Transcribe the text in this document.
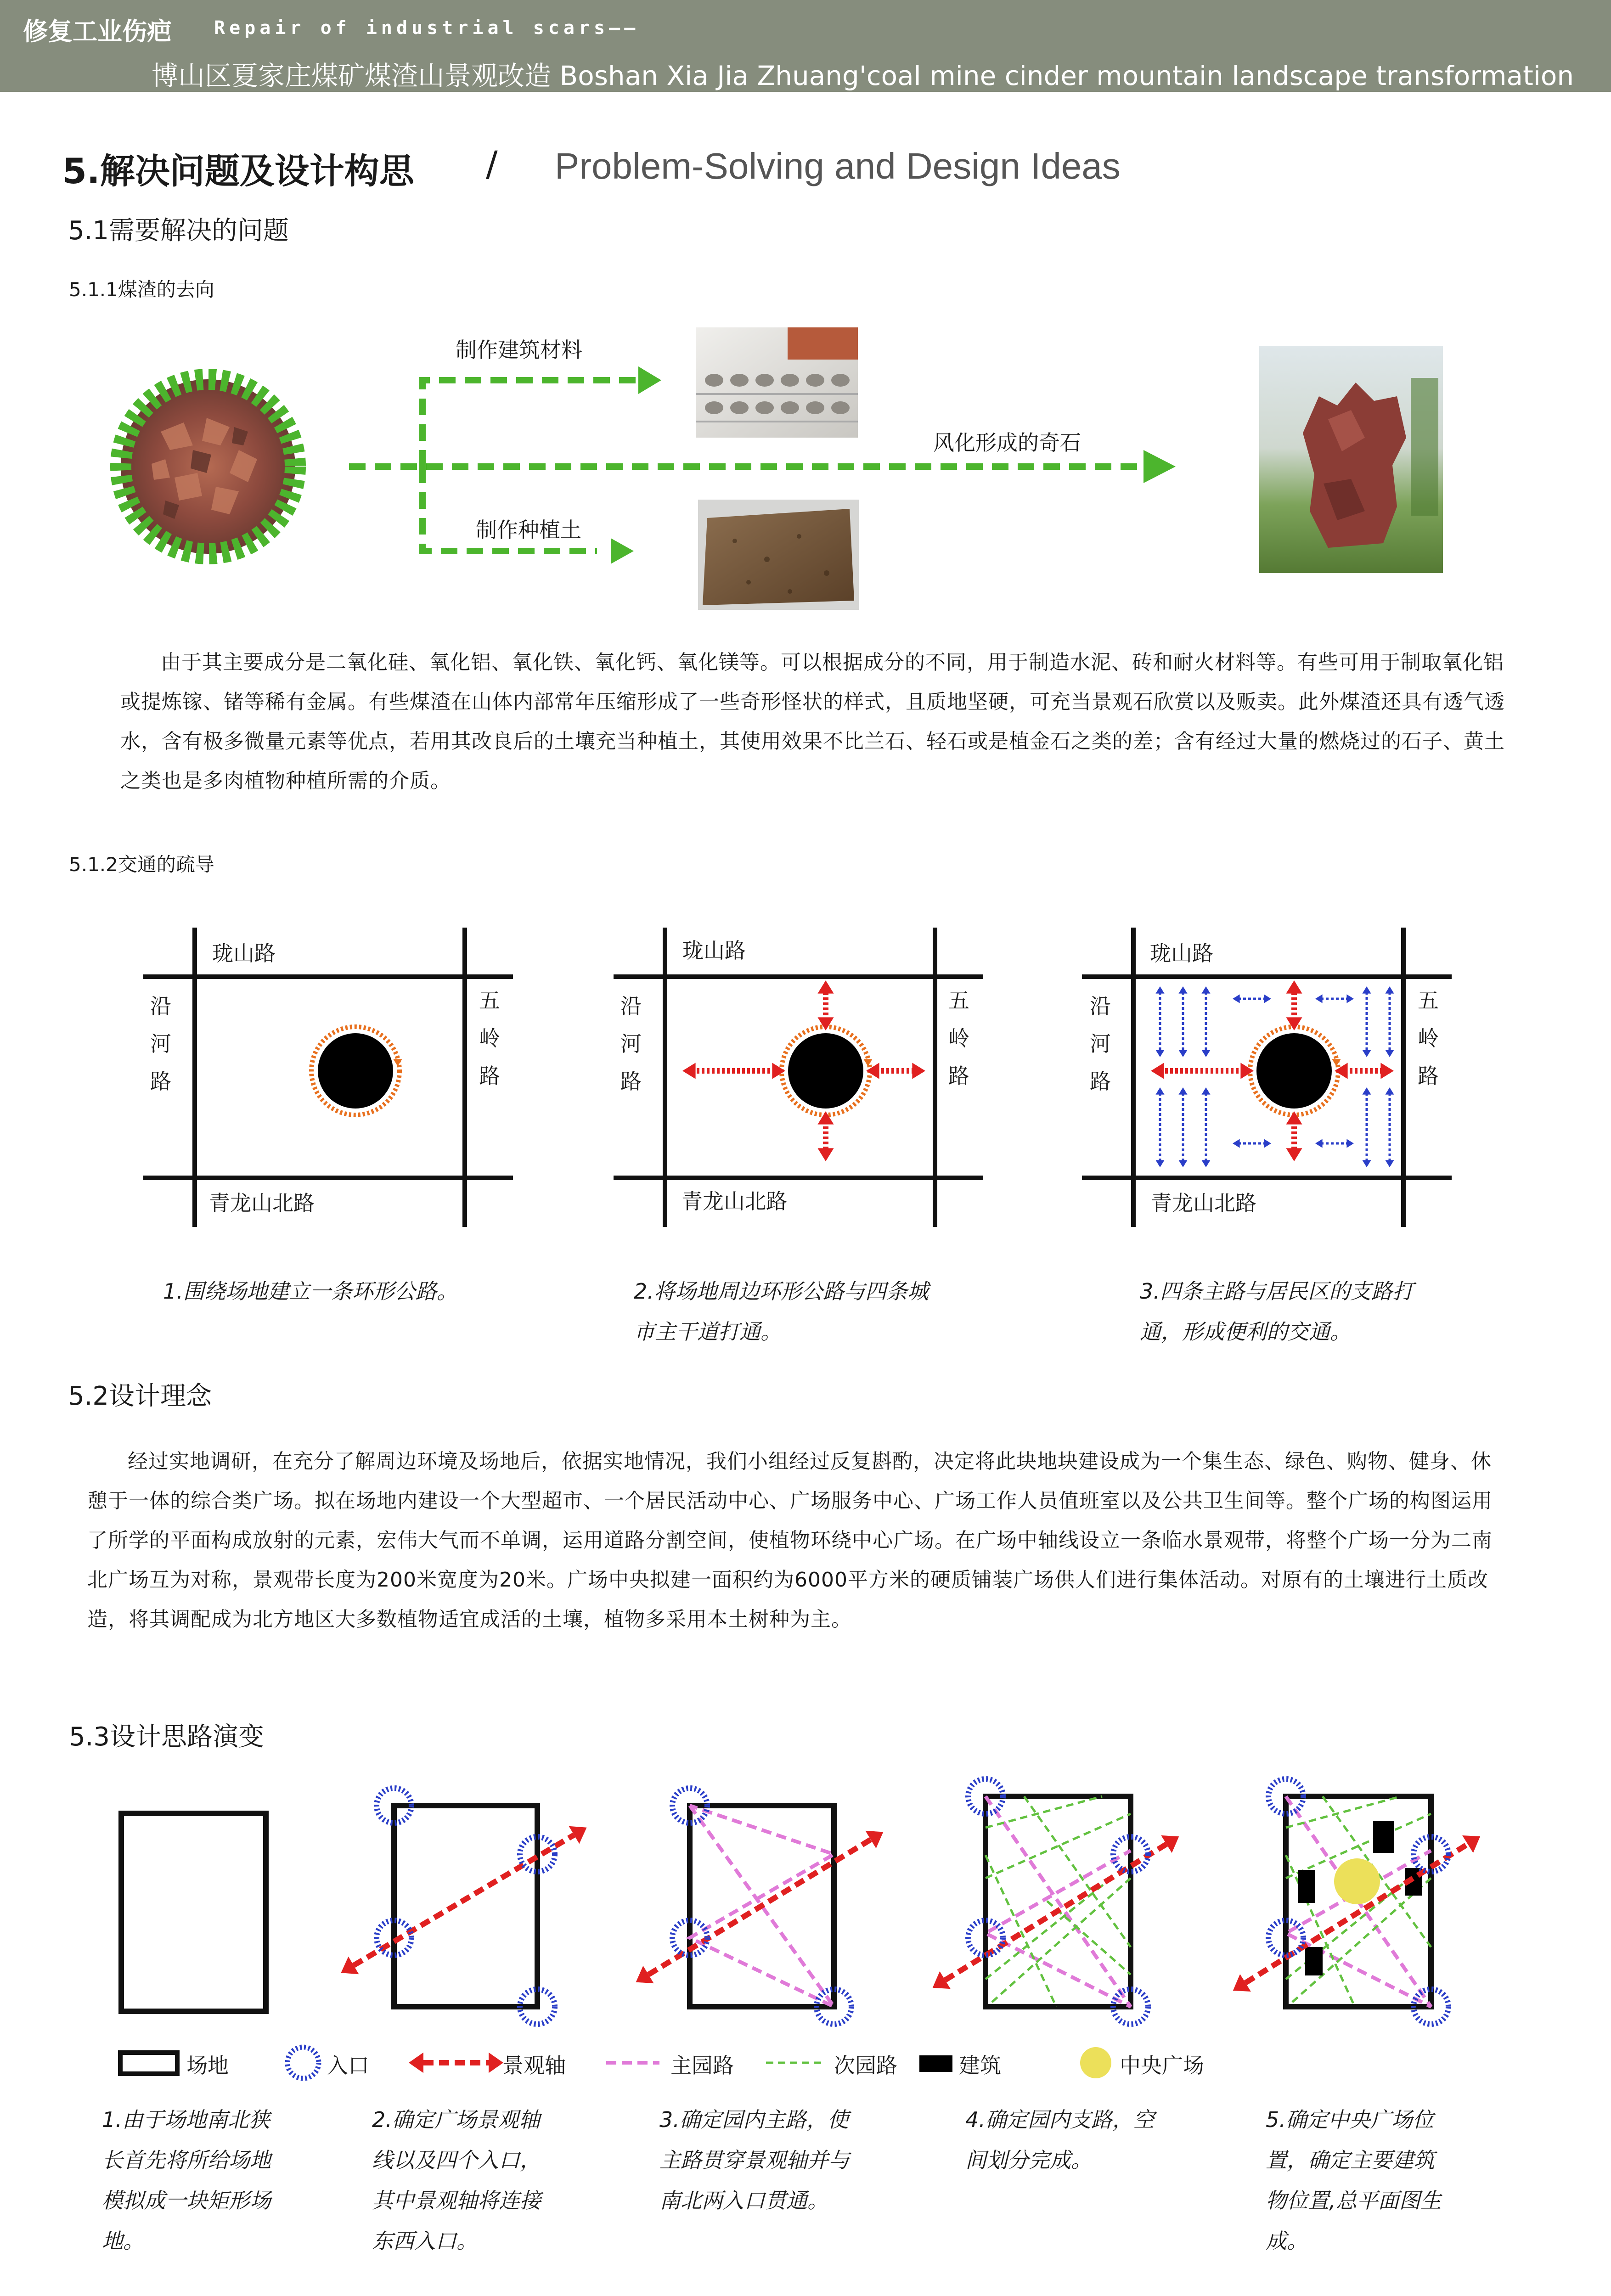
修复工业伤疤 Repair of industrial scars——
博山区夏家庄煤矿煤渣山景观改造 Boshan Xia Jia Zhuang'coal mine cinder mountain landscape transformation
5.解决问题及设计构思 / Problem-Solving and Design Ideas
5.1需要解决的问题
5.1.1煤渣的去向
制作建筑材料
制作种植土
风化形成的奇石
由于其主要成分是二氧化硅、氧化铝、氧化铁、氧化钙、氧化镁等。可以根据成分的不同，用于制造水泥、砖和耐火材料等。有些可用于制取氧化铝或提炼镓、锗等稀有金属。有些煤渣在山体内部常年压缩形成了一些奇形怪状的样式，且质地坚硬，可充当景观石欣赏以及贩卖。此外煤渣还具有透气透水，含有极多微量元素等优点，若用其改良后的土壤充当种植土，其使用效果不比兰石、轻石或是植金石之类的差；含有经过大量的燃烧过的石子、黄土之类也是多肉植物种植所需的介质。
5.1.2交通的疏导
珑山路
青龙山北路
沿
河
路
五
岭
路
珑山路
青龙山北路
沿
河
路
五
岭
路
珑山路
青龙山北路
沿
河
路
五
岭
路
1.围绕场地建立一条环形公路。	2.将场地周边环形公路与四条城市主干道打通。
3.四条主路与居民区的支路打通，形成便利的交通。
5.2设计理念
经过实地调研，在充分了解周边环境及场地后，依据实地情况，我们小组经过反复斟酌，决定将此块地块建设成为一个集生态、绿色、购物、健身、休憩于一体的综合类广场。拟在场地内建设一个大型超市、一个居民活动中心、广场服务中心、广场工作人员值班室以及公共卫生间等。整个广场的构图运用了所学的平面构成放射的元素，宏伟大气而不单调，运用道路分割空间，使植物环绕中心广场。在广场中轴线设立一条临水景观带，将整个广场一分为二南北广场互为对称，景观带长度为200米宽度为20米。广场中央拟建一面积约为6000平方米的硬质铺装广场供人们进行集体活动。对原有的土壤进行土质改造，将其调配成为北方地区大多数植物适宜成活的土壤，植物多采用本土树种为主。
5.3设计思路演变
场地	入口	景观轴	主园路	次园路	建筑	中央广场
1.由于场地南北狭
长首先将所给场地
模拟成一块矩形场
地。
2.确定广场景观轴
线以及四个入口，
其中景观轴将连接
东西入口。
3.确定园内主路，使
主路贯穿景观轴并与
南北两入口贯通。
4.确定园内支路，空
间划分完成。
5.确定中央广场位
置，确定主要建筑
物位置,总平面图生
成。
